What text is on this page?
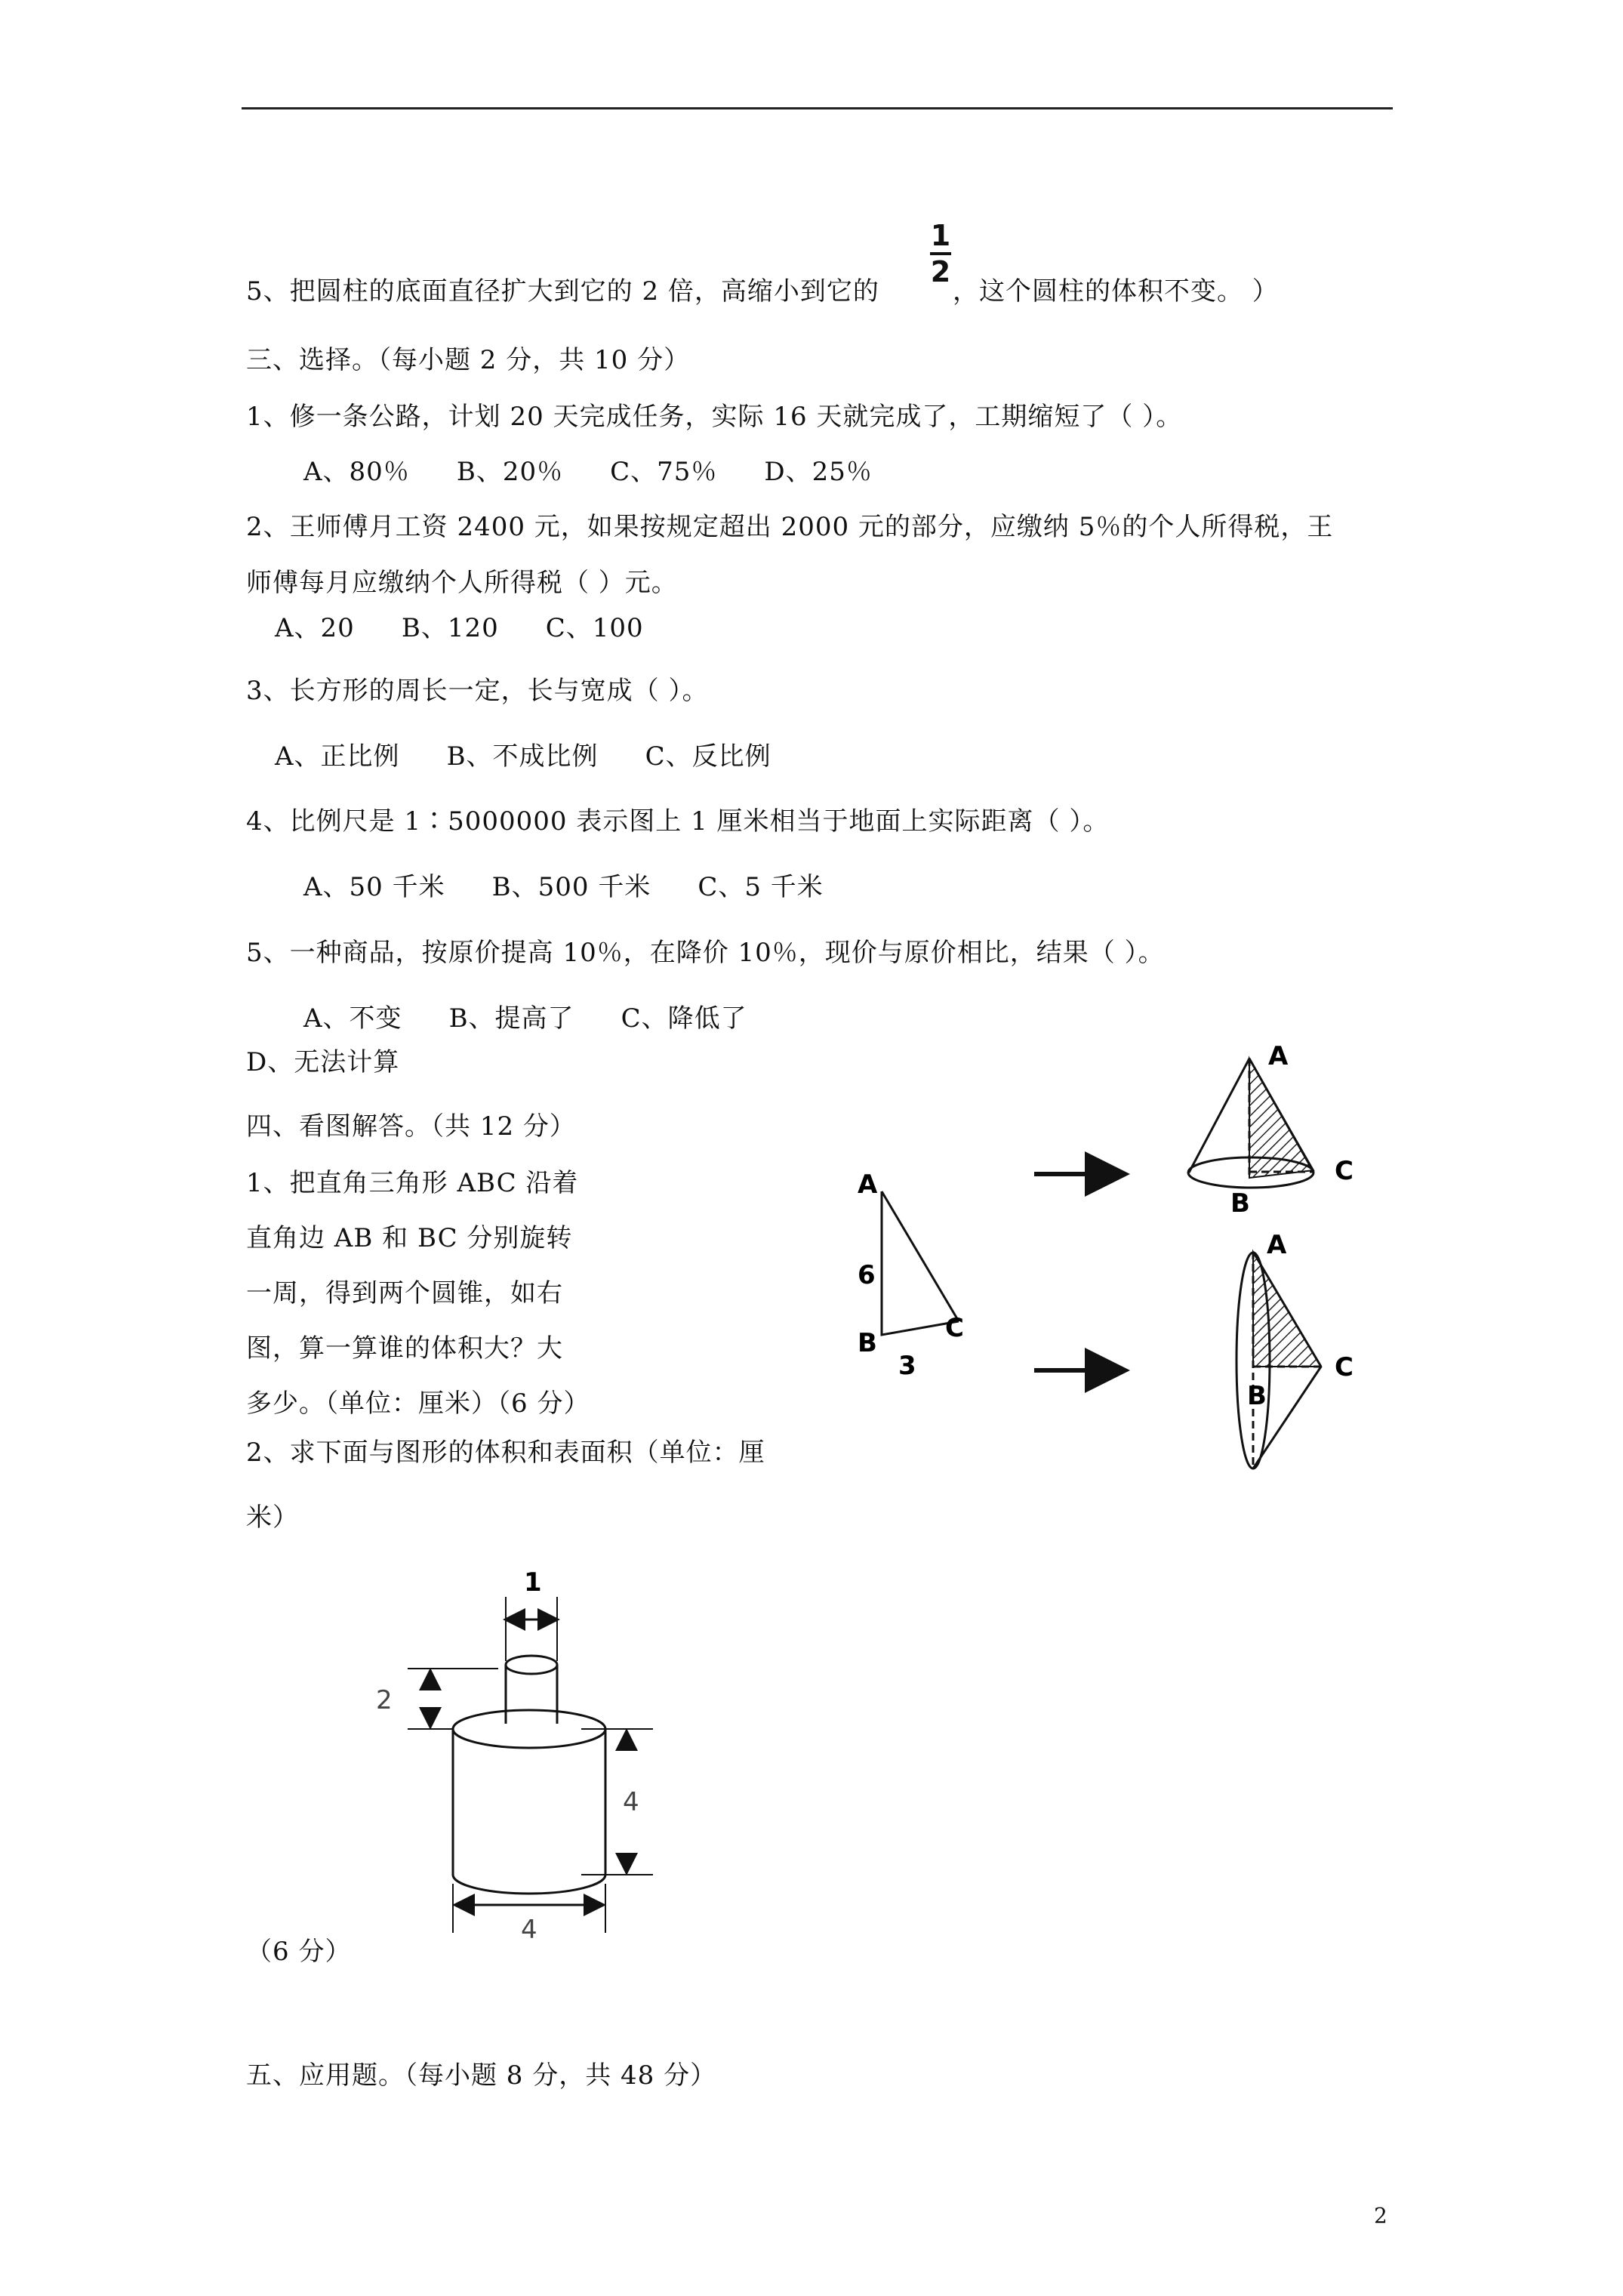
5、把圆柱的底面直径扩大到它的 2 倍，高缩小到它的
1
2
，这个圆柱的体积不变。 ）
三、选择。（每小题 2 分，共 10 分）
1、修一条公路，计划 20 天完成任务，实际 16 天就完成了，工期缩短了（ ）。
A、80％ B、20％ C、75％ D、25％
2、王师傅月工资 2400 元，如果按规定超出 2000 元的部分，应缴纳 5％的个人所得税，王
师傅每月应缴纳个人所得税（ ）元。
A、20 B、120 C、100
3、长方形的周长一定，长与宽成（ ）。
A、正比例 B、不成比例 C、反比例
4、比例尺是 1∶5000000 表示图上 1 厘米相当于地面上实际距离（ ）。
A、50 千米 B、500 千米 C、5 千米
5、一种商品，按原价提高 10％，在降价 10％，现价与原价相比，结果（ ）。
A、不变 B、提高了 C、降低了
D、无法计算
四、看图解答。（共 12 分）
1、把直角三角形 ABC 沿着
直角边 AB 和 BC 分别旋转
一周，得到两个圆锥，如右
图，算一算谁的体积大？大
多少。（单位：厘米）（6 分）
2、求下面与图形的体积和表面积（单位：厘
米）
（6 分）
五、应用题。（每小题 8 分，共 48 分）
A
6
B
3
C
A
B
C
A
B
C
1
2
4
4
2
